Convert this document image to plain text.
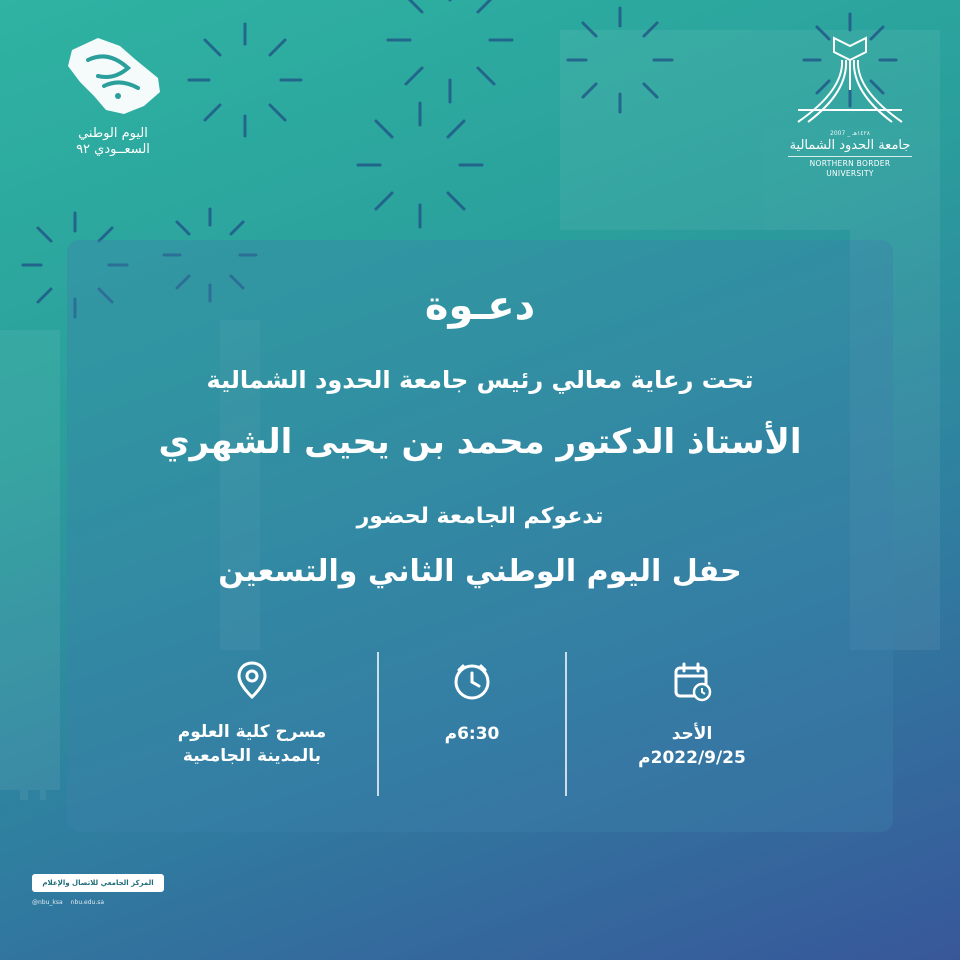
اليوم الوطني
السعــودي ٩٢
2007 _ ١٤٢٨هـ
جامعة الحدود الشمالية
NORTHERN BORDER UNIVERSITY
دعـوة
تحت رعاية معالي رئيس جامعة الحدود الشمالية
الأستاذ الدكتور محمد بن يحيى الشهري
تدعوكم الجامعة لحضور
حفل اليوم الوطني الثاني والتسعين
مسرح كلية العلوم
بالمدينة الجامعية
6:30م	الأحد
2022/9/25م
المركز الجامعي للاتصال والإعلام
@nbu_ksa nbu.edu.sa
